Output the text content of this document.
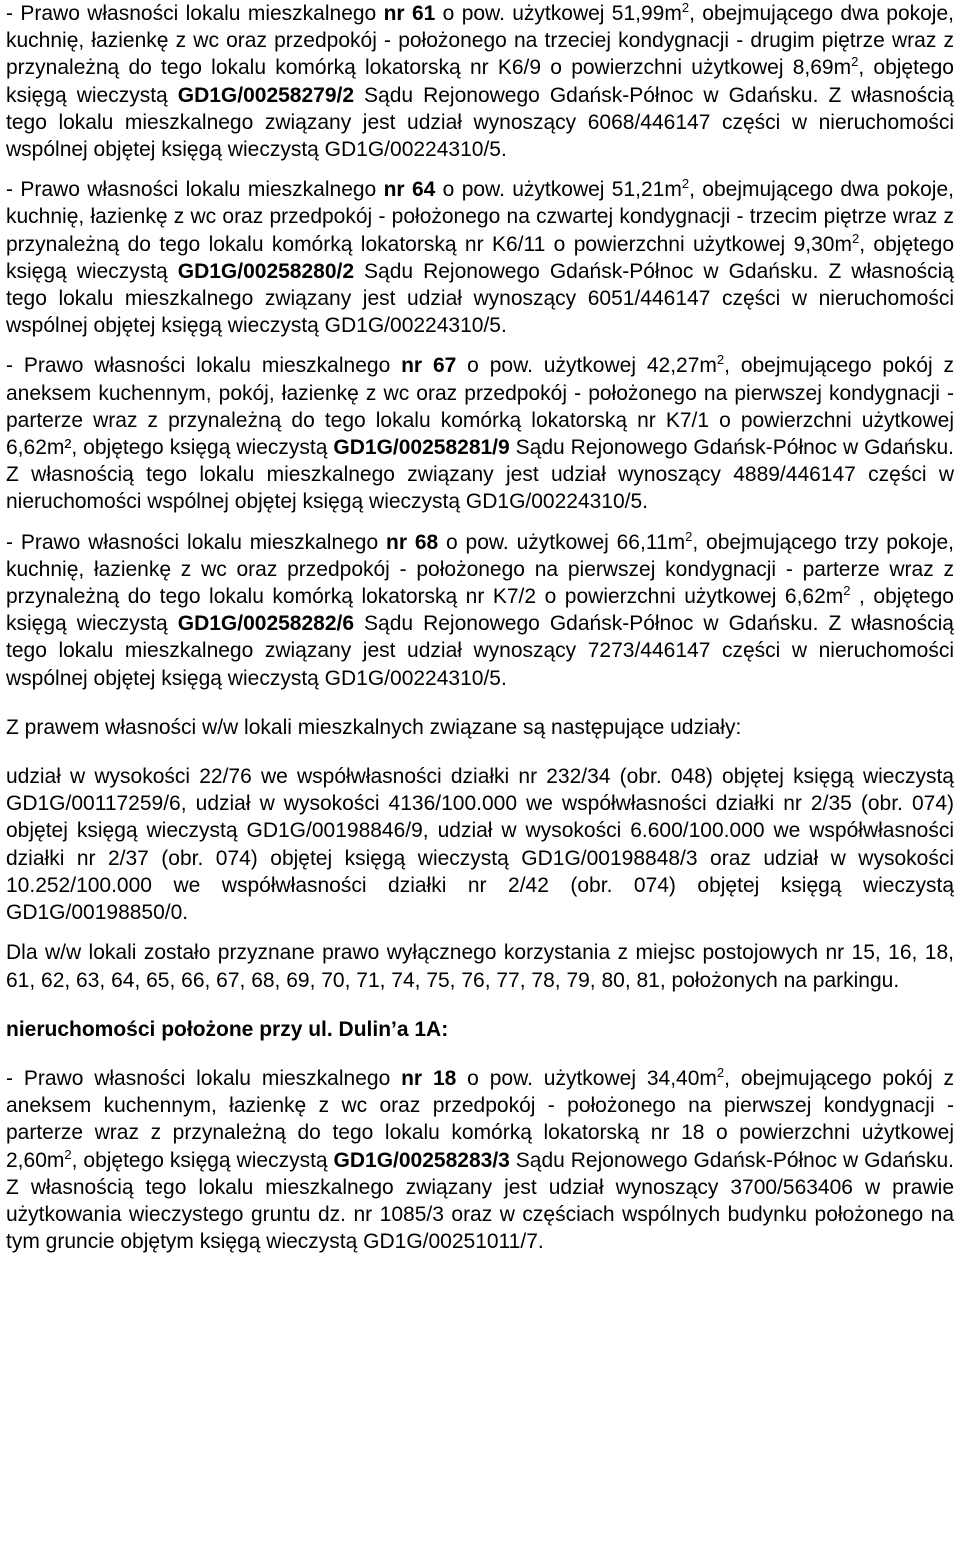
- Prawo własności lokalu mieszkalnego nr 61 o pow. użytkowej $51,99m^2$, obejmującego dwa pokoje, kuchnię, łazienkę z wc oraz przedpokój - położonego na trzeciej kondygnacji - drugim piętrze wraz z przynależną do tego lokalu komórką lokatorską nr K6/9 o powierzchni użytkowej $8,69m^2$, objętego księgą wieczystą GD1G/00258279/2 Sądu Rejonowego Gdańsk-Północ w Gdańsku. Z własnością tego lokalu mieszkalnego związany jest udział wynoszący 6068/446147 części w nieruchomości wspólnej objętej księgą wieczystą GD1G/00224310/5.

- Prawo własności lokalu mieszkalnego nr 64 o pow. użytkowej $51,21m^2$, obejmującego dwa pokoje, kuchnię, łazienkę z wc oraz przedpokój - położonego na czwartej kondygnacji - trzecim piętrze wraz z przynależną do tego lokalu komórką lokatorską nr K6/11 o powierzchni użytkowej $9,30m^2$, objętego księgą wieczystą GD1G/00258280/2 Sądu Rejonowego Gdańsk-Północ w Gdańsku. Z własnością tego lokalu mieszkalnego związany jest udział wynoszący 6051/446147 części w nieruchomości wspólnej objętej księgą wieczystą GD1G/00224310/5.

- Prawo własności lokalu mieszkalnego nr 67 o pow. użytkowej $42,27m^2$, obejmującego pokój z aneksem kuchennym, pokój, łazienkę z wc oraz przedpokój - położonego na pierwszej kondygnacji - parterze wraz z przynależną do tego lokalu komórką lokatorską nr K7/1 o powierzchni użytkowej 6,62m², objętego księgą wieczystą GD1G/00258281/9 Sądu Rejonowego Gdańsk-Północ w Gdańsku. Z własnością tego lokalu mieszkalnego związany jest udział wynoszący 4889/446147 części w nieruchomości wspólnej objętej księgą wieczystą GD1G/00224310/5.

- Prawo własności lokalu mieszkalnego nr 68 o pow. użytkowej $66,11m^2$, obejmującego trzy pokoje, kuchnię, łazienkę z wc oraz przedpokój - położonego na pierwszej kondygnacji - parterze wraz z przynależną do tego lokalu komórką lokatorską nr K7/2 o powierzchni użytkowej $6,62m^2$ , objętego księgą wieczystą GD1G/00258282/6 Sądu Rejonowego Gdańsk-Północ w Gdańsku. Z własnością tego lokalu mieszkalnego związany jest udział wynoszący 7273/446147 części w nieruchomości wspólnej objętej księgą wieczystą GD1G/00224310/5.

Z prawem własności w/w lokali mieszkalnych związane są następujące udziały:

udział w wysokości 22/76 we współwłasności działki nr 232/34 (obr. 048) objętej księgą wieczystą GD1G/00117259/6, udział w wysokości 4136/100.000 we współwłasności działki nr 2/35 (obr. 074) objętej księgą wieczystą GD1G/00198846/9, udział w wysokości 6.600/100.000 we współwłasności działki nr 2/37 (obr. 074) objętej księgą wieczystą GD1G/00198848/3 oraz udział w wysokości 10.252/100.000 we współwłasności działki nr 2/42 (obr. 074) objętej księgą wieczystą GD1G/00198850/0.

Dla w/w lokali zostało przyznane prawo wyłącznego korzystania z miejsc postojowych nr 15, 16, 18, 61, 62, 63, 64, 65, 66, 67, 68, 69, 70, 71, 74, 75, 76, 77, 78, 79, 80, 81, położonych na parkingu.

nieruchomości położone przy ul. Dulin’a 1A:

- Prawo własności lokalu mieszkalnego nr 18 o pow. użytkowej $34,40m^2$, obejmującego pokój z aneksem kuchennym, łazienkę z wc oraz przedpokój - położonego na pierwszej kondygnacji - parterze wraz z przynależną do tego lokalu komórką lokatorską nr 18 o powierzchni użytkowej $2,60m^2$, objętego księgą wieczystą GD1G/00258283/3 Sądu Rejonowego Gdańsk-Północ w Gdańsku. Z własnością tego lokalu mieszkalnego związany jest udział wynoszący 3700/563406 w prawie użytkowania wieczystego gruntu dz. nr 1085/3 oraz w częściach wspólnych budynku położonego na tym gruncie objętym księgą wieczystą GD1G/00251011/7.
